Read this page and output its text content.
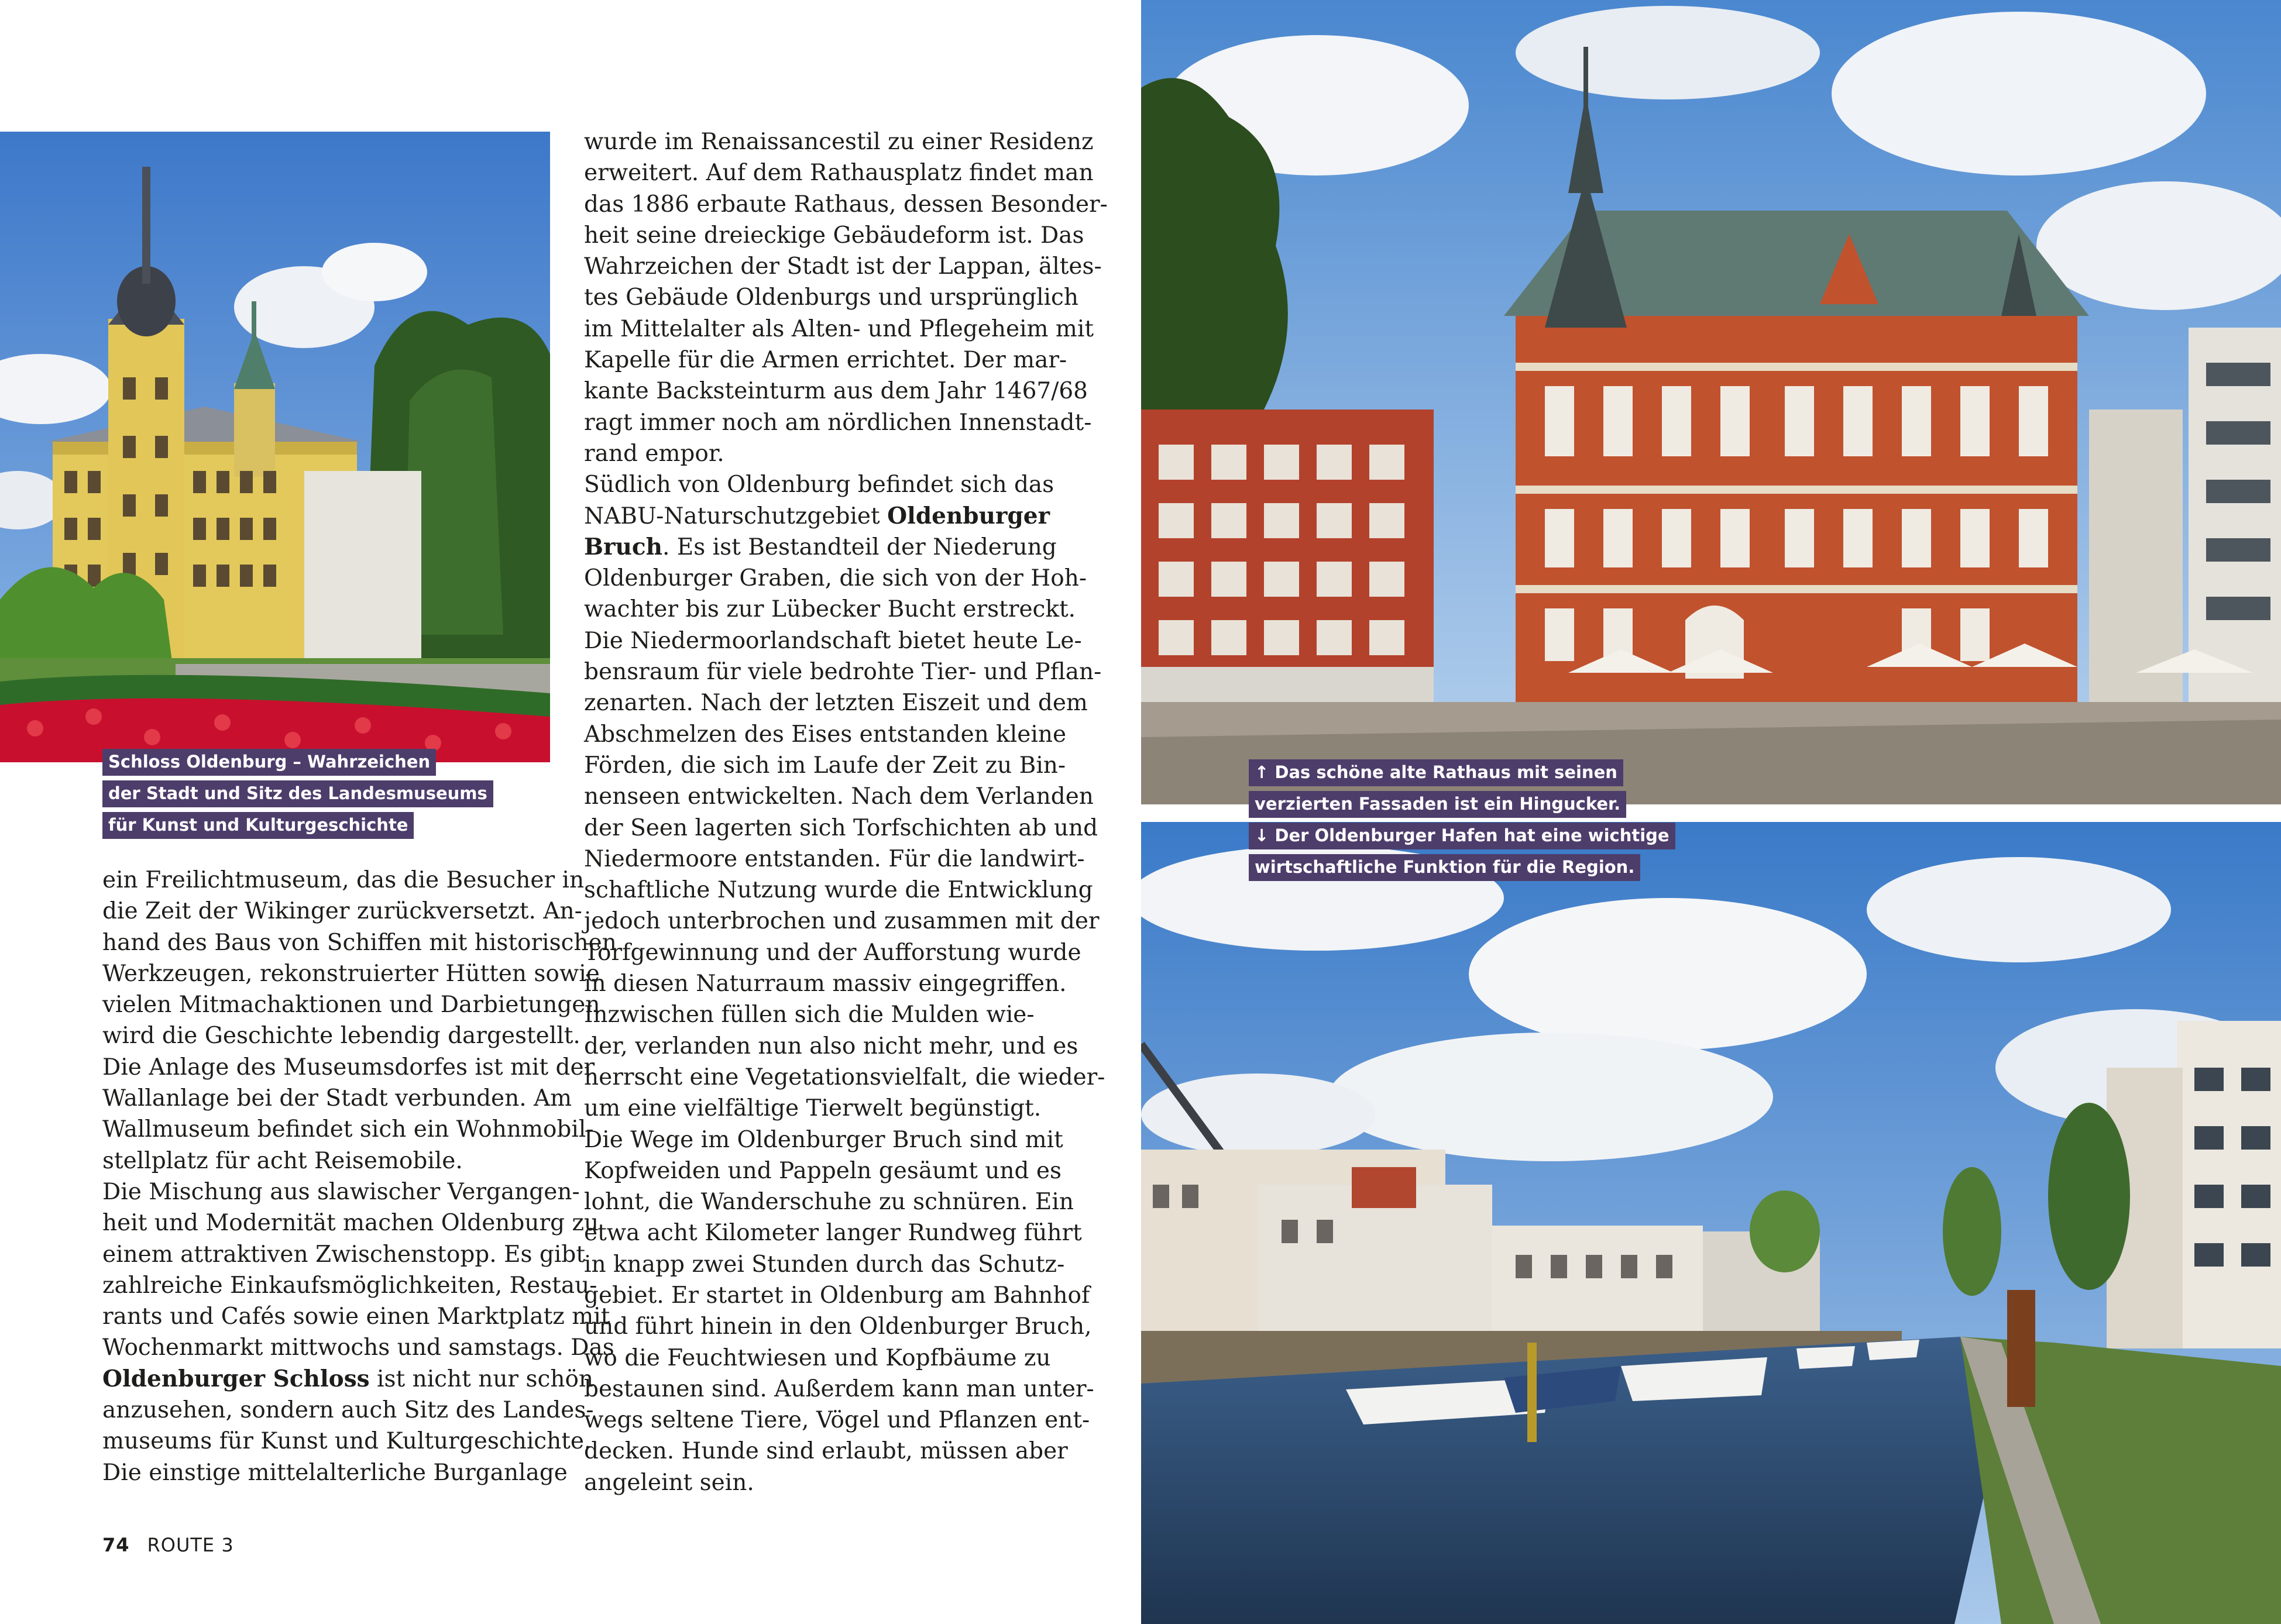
Schloss Oldenburg – Wahrzeichen
der Stadt und Sitz des Landesmuseums
für Kunst und Kulturgeschichte
↑ Das schöne alte Rathaus mit seinen
verzierten Fassaden ist ein Hingucker.
↓ Der Oldenburger Hafen hat eine wichtige
wirtschaftliche Funktion für die Region.
ein Freilichtmuseum, das die Besucher in
die Zeit der Wikinger zurückversetzt. An-
hand des Baus von Schiffen mit historischen
Werkzeugen, rekonstruierter Hütten sowie
vielen Mitmachaktionen und Darbietungen
wird die Geschichte lebendig dargestellt.
Die Anlage des Museumsdorfes ist mit der
Wallanlage bei der Stadt verbunden. Am
Wallmuseum befindet sich ein Wohnmobil-
stellplatz für acht Reisemobile.
Die Mischung aus slawischer Vergangen-
heit und Modernität machen Oldenburg zu
einem attraktiven Zwischenstopp. Es gibt
zahlreiche Einkaufsmöglichkeiten, Restau-
rants und Cafés sowie einen Marktplatz mit
Wochenmarkt mittwochs und samstags. Das
Oldenburger Schloss ist nicht nur schön
anzusehen, sondern auch Sitz des Landes-
museums für Kunst und Kulturgeschichte.
Die einstige mittelalterliche Burganlage
wurde im Renaissancestil zu einer Residenz
erweitert. Auf dem Rathausplatz findet man
das 1886 erbaute Rathaus, dessen Besonder-
heit seine dreieckige Gebäudeform ist. Das
Wahrzeichen der Stadt ist der Lappan, ältes-
tes Gebäude Oldenburgs und ursprünglich
im Mittelalter als Alten- und Pflegeheim mit
Kapelle für die Armen errichtet. Der mar-
kante Backsteinturm aus dem Jahr 1467/68
ragt immer noch am nördlichen Innenstadt-
rand empor.
Südlich von Oldenburg befindet sich das
NABU-Naturschutzgebiet Oldenburger
Bruch. Es ist Bestandteil der Niederung
Oldenburger Graben, die sich von der Hoh-
wachter bis zur Lübecker Bucht erstreckt.
Die Niedermoorlandschaft bietet heute Le-
bensraum für viele bedrohte Tier- und Pflan-
zenarten. Nach der letzten Eiszeit und dem
Abschmelzen des Eises entstanden kleine
Förden, die sich im Laufe der Zeit zu Bin-
nenseen entwickelten. Nach dem Verlanden
der Seen lagerten sich Torfschichten ab und
Niedermoore entstanden. Für die landwirt-
schaftliche Nutzung wurde die Entwicklung
jedoch unterbrochen und zusammen mit der
Torfgewinnung und der Aufforstung wurde
in diesen Naturraum massiv eingegriffen.
Inzwischen füllen sich die Mulden wie-
der, verlanden nun also nicht mehr, und es
herrscht eine Vegetationsvielfalt, die wieder-
um eine vielfältige Tierwelt begünstigt.
Die Wege im Oldenburger Bruch sind mit
Kopfweiden und Pappeln gesäumt und es
lohnt, die Wanderschuhe zu schnüren. Ein
etwa acht Kilometer langer Rundweg führt
in knapp zwei Stunden durch das Schutz-
gebiet. Er startet in Oldenburg am Bahnhof
und führt hinein in den Oldenburger Bruch,
wo die Feuchtwiesen und Kopfbäume zu
bestaunen sind. Außerdem kann man unter-
wegs seltene Tiere, Vögel und Pflanzen ent-
decken. Hunde sind erlaubt, müssen aber
angeleint sein.
74 ROUTE 3
